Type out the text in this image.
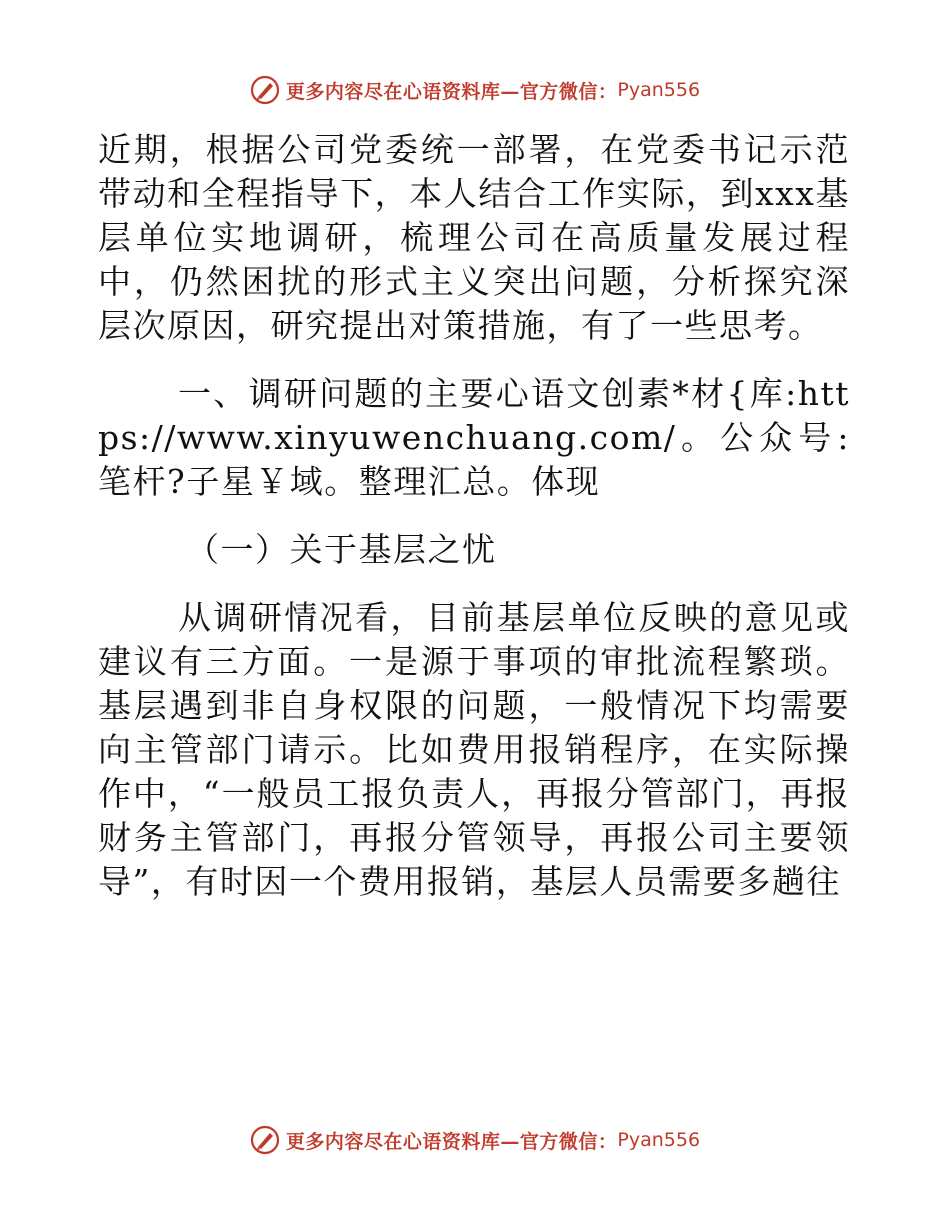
更多内容尽在心语资料库—官方微信： Pyan556

近期，根据公司党委统一部署，在党委书记示范带动和全程指导下，本人结合工作实际，到xxx基层单位实地调研，梳理公司在高质量发展过程中，仍然困扰的形式主义突出问题，分析探究深层次原因，研究提出对策措施，有了一些思考。

一、调研问题的主要心语文创素*材{库:https://www.xinyuwenchuang.com/。公众号: 笔杆?子星￥域。整理汇总。体现

（一）关于基层之忧

从调研情况看，目前基层单位反映的意见或建议有三方面。一是源于事项的审批流程繁琐。基层遇到非自身权限的问题，一般情况下均需要向主管部门请示。比如费用报销程序，在实际操作中，“一般员工报负责人，再报分管部门，再报财务主管部门，再报分管领导，再报公司主要领导”，有时因一个费用报销，基层人员需要多趟往

更多内容尽在心语资料库—官方微信： Pyan556
